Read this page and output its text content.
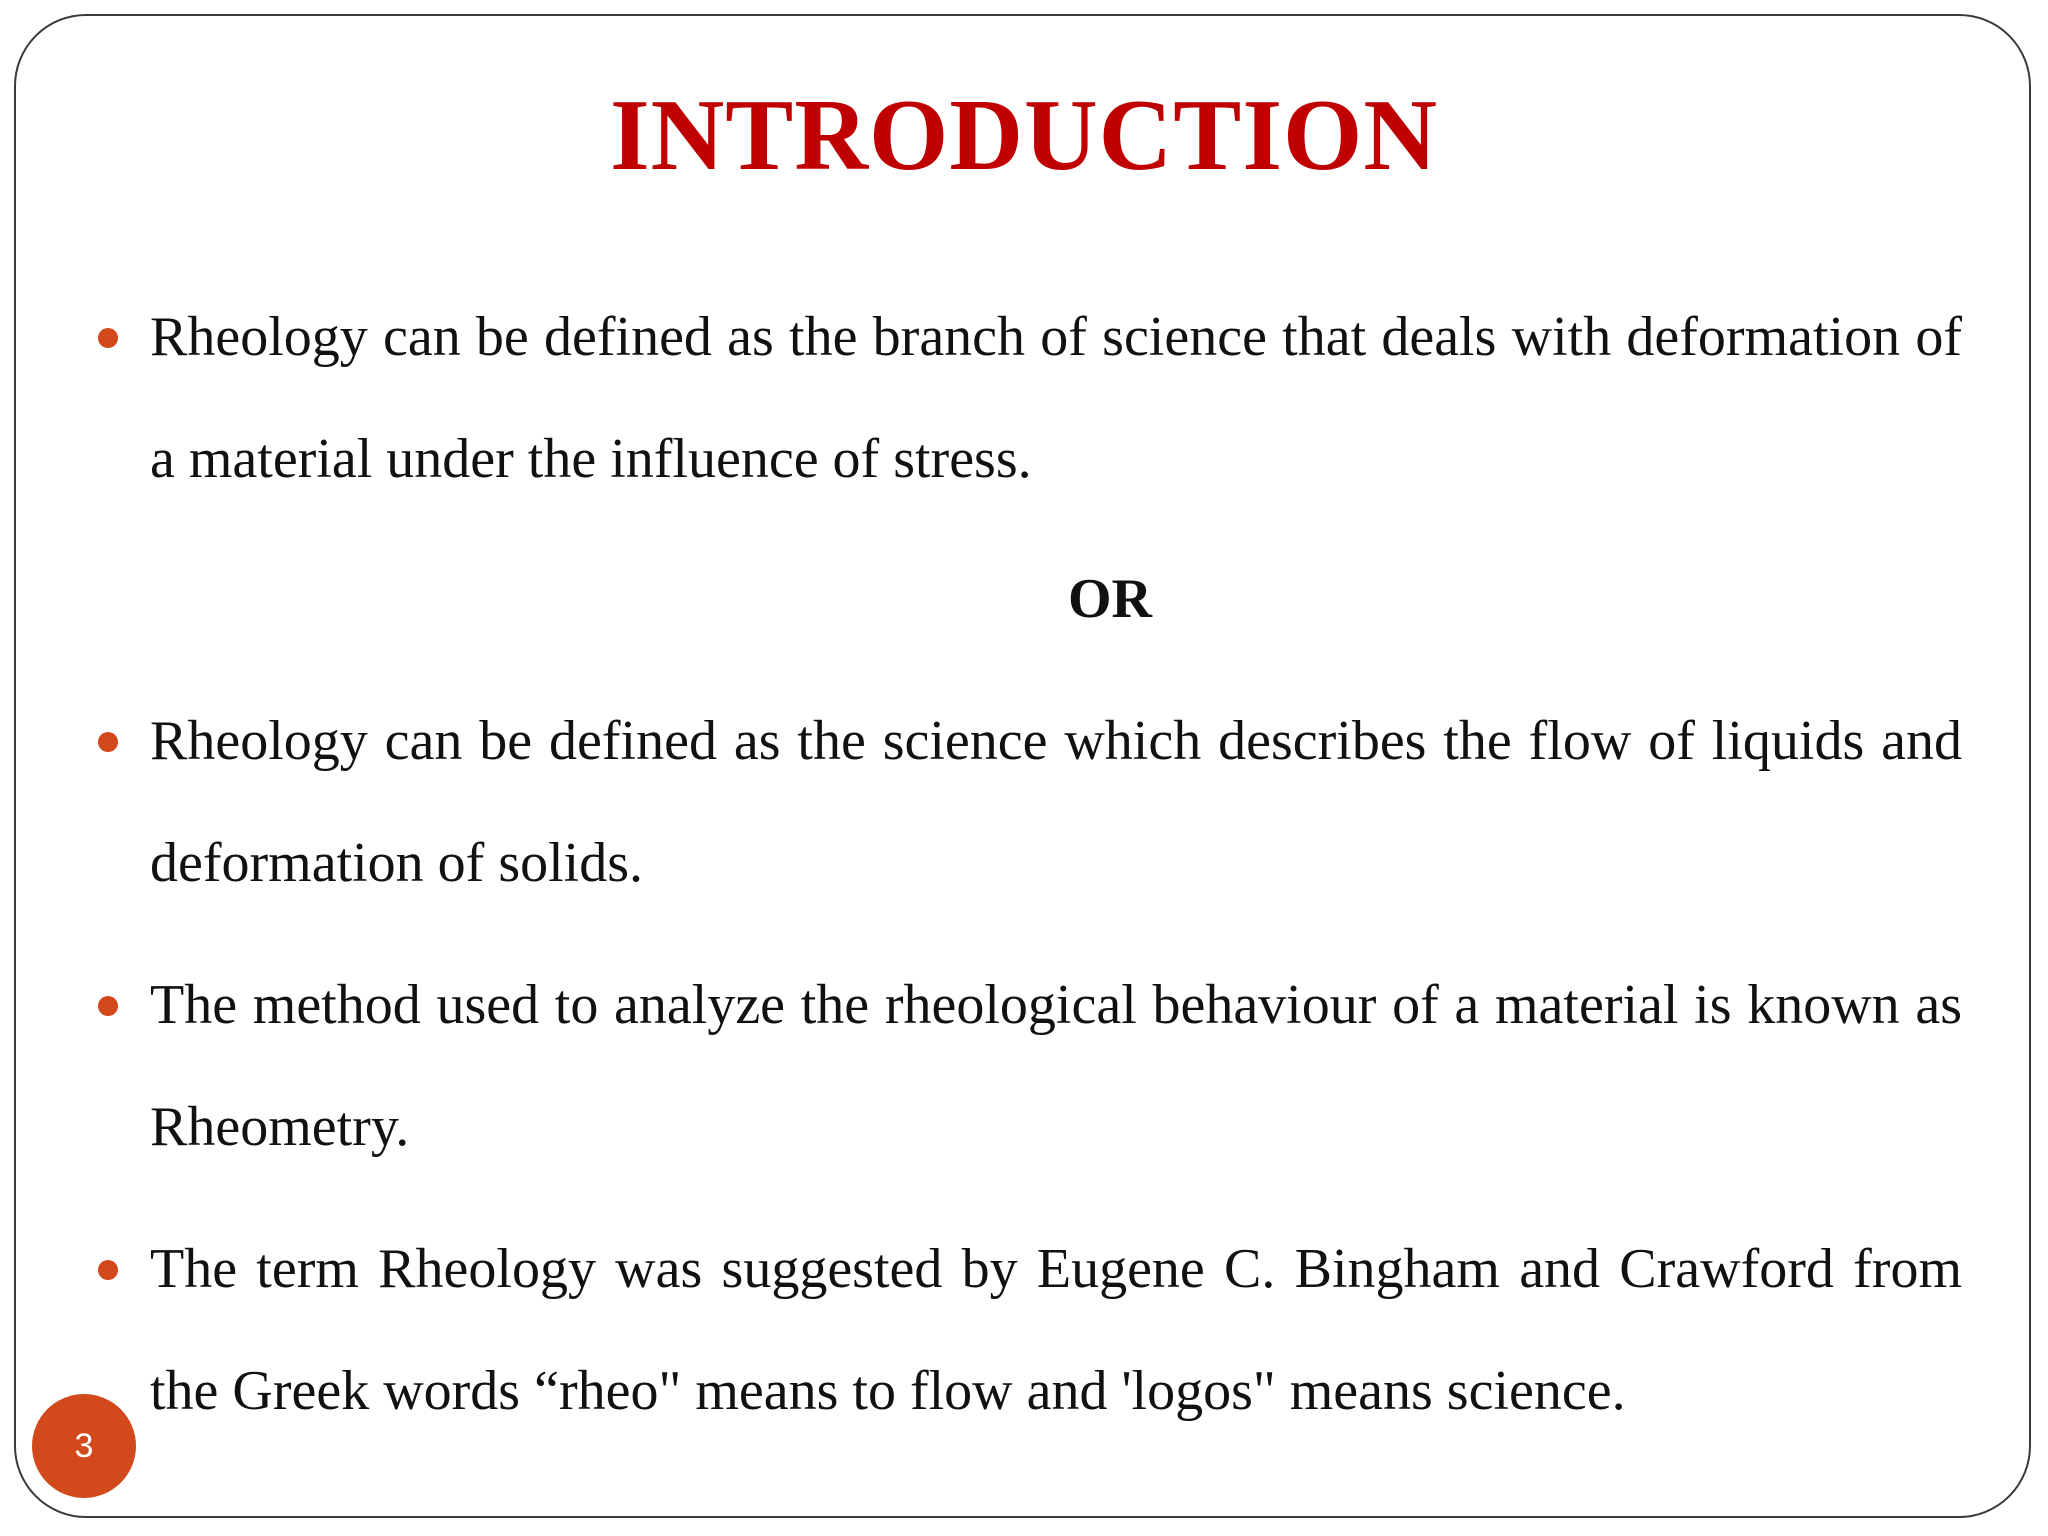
INTRODUCTION
Rheology can be defined as the branch of science that deals with deformation of a material under the influence of stress.
OR
Rheology can be defined as the science which describes the flow of liquids and deformation of solids.
The method used to analyze the rheological behaviour of a material is known as Rheometry.
The term Rheology was suggested by Eugene C. Bingham and Crawford from the Greek words “rheo" means to flow and 'logos" means science.
3
